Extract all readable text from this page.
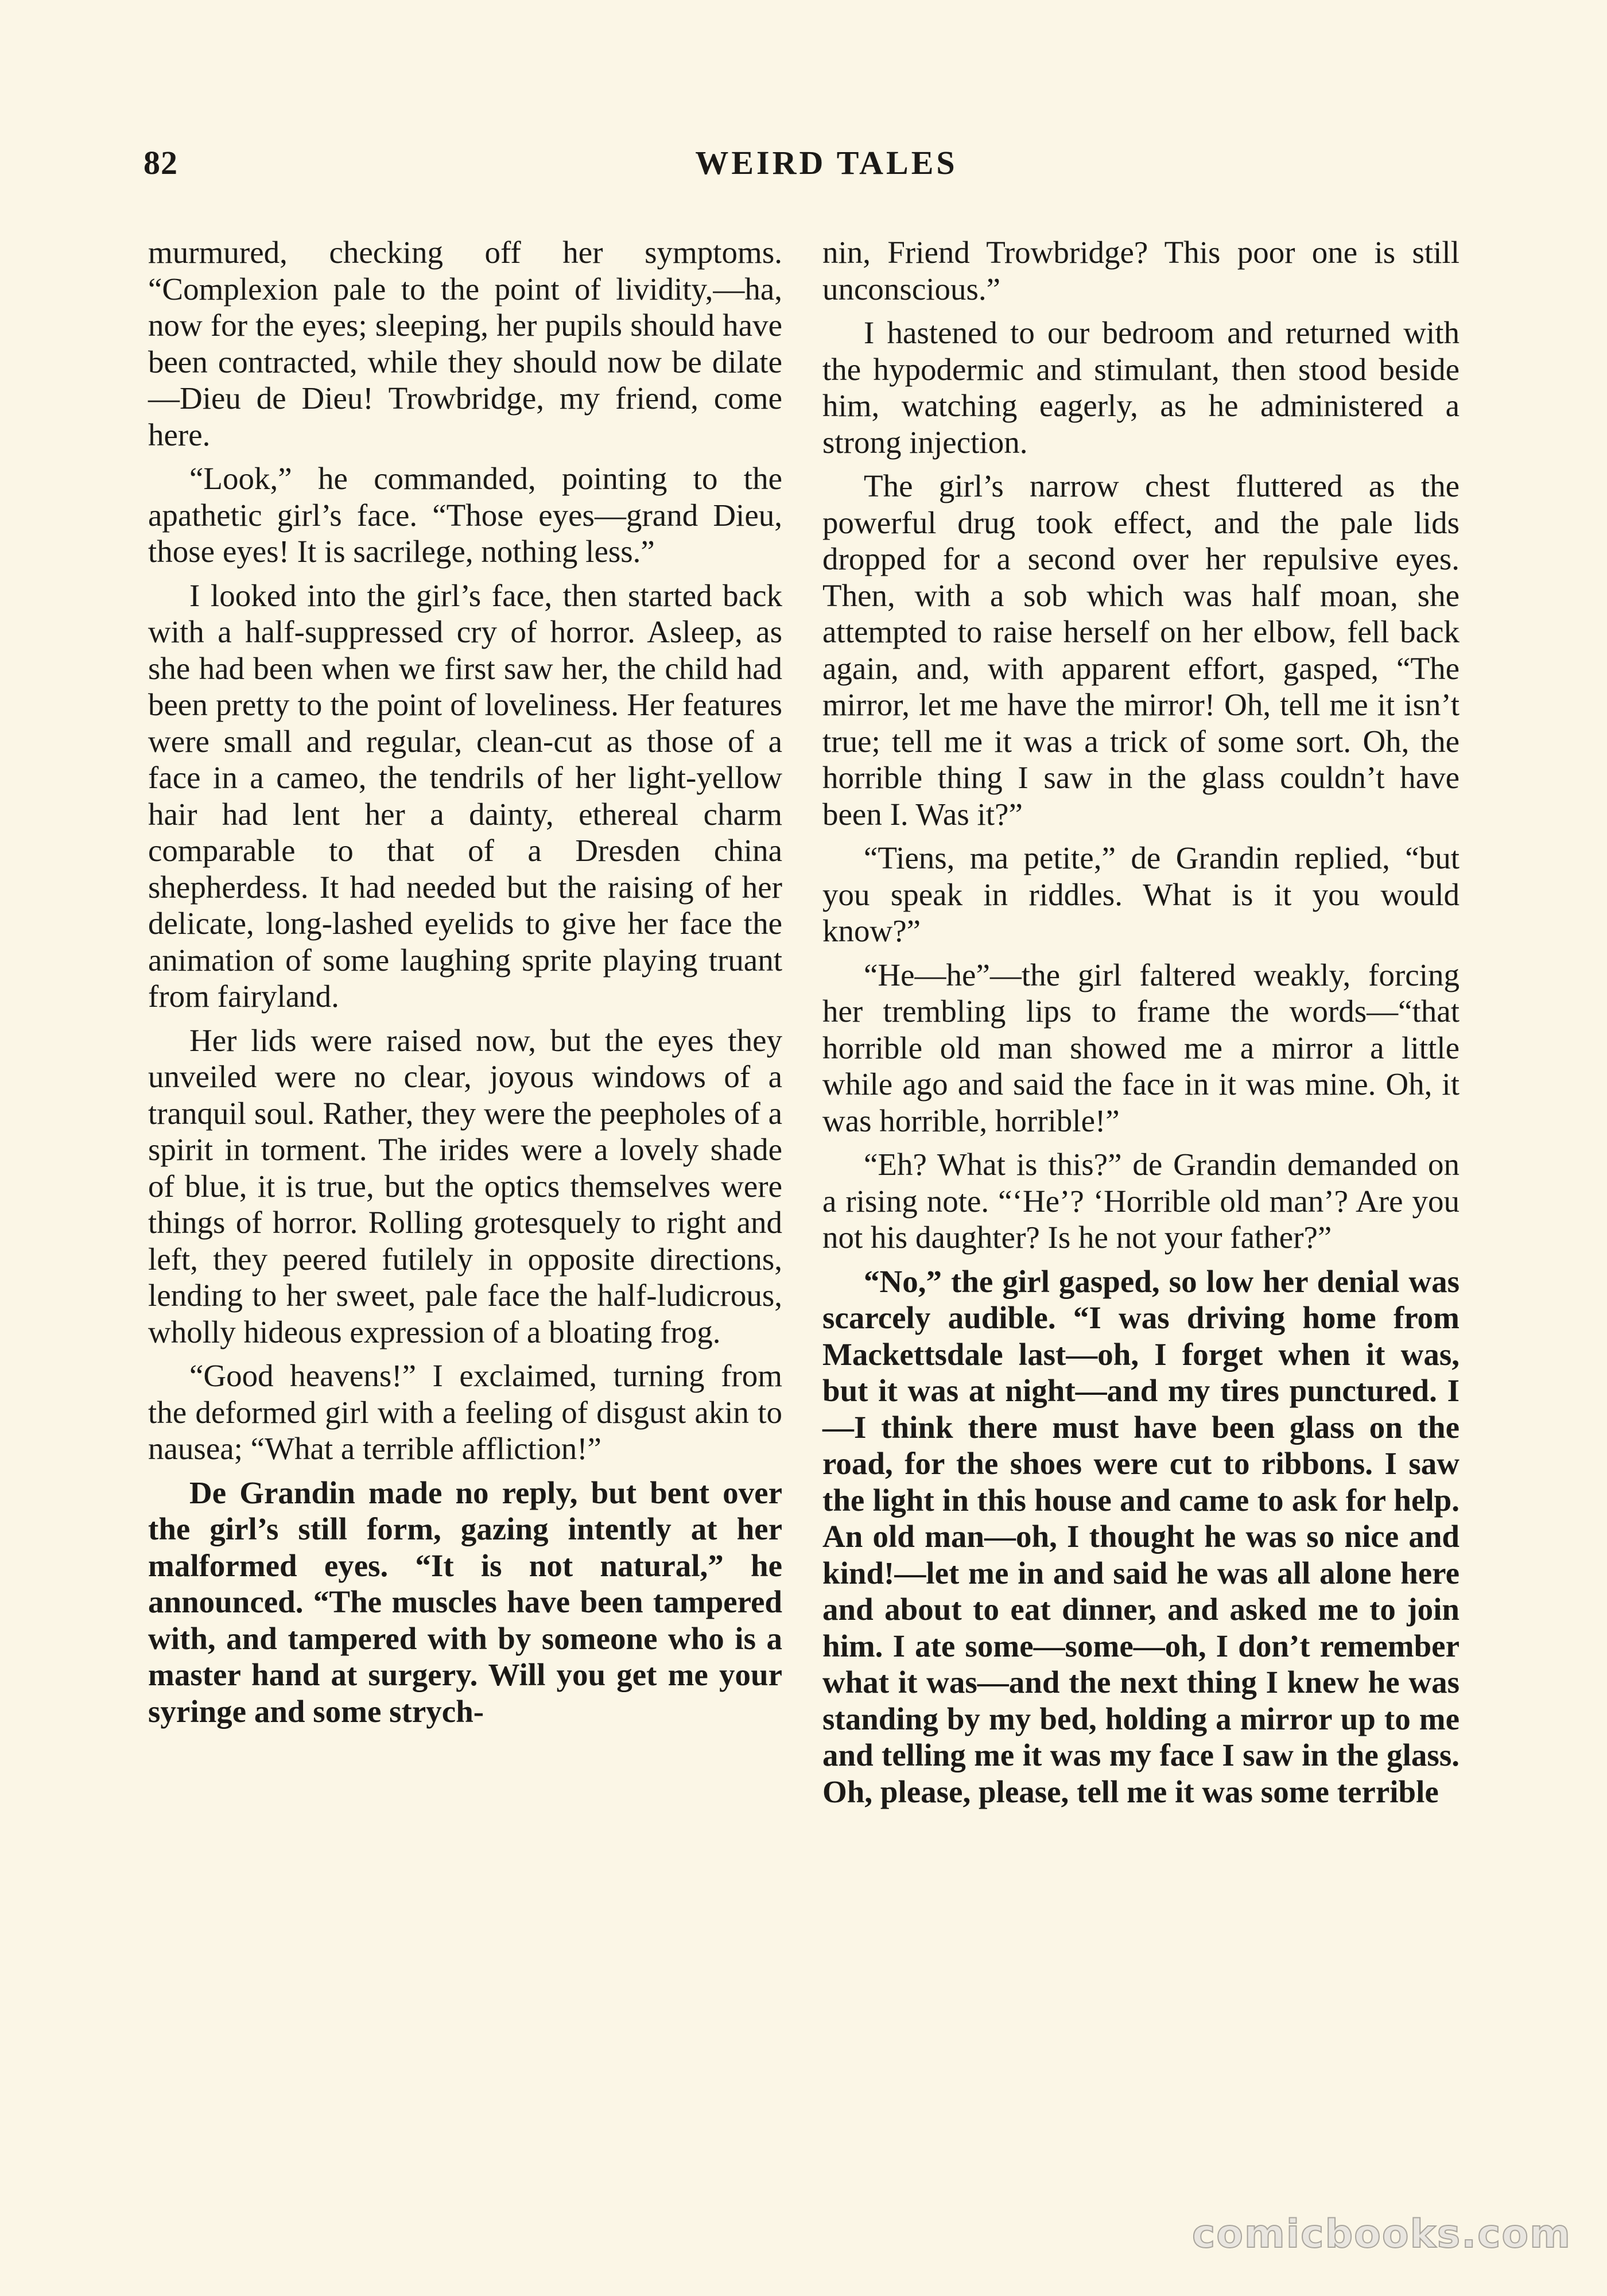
82	WEIRD TALES

murmured, checking off her symptoms. “Complexion pale to the point of lividity,—ha, now for the eyes; sleeping, her pupils should have been contracted, while they should now be dilate—Dieu de Dieu! Trowbridge, my friend, come here.

“Look,” he commanded, pointing to the apathetic girl’s face. “Those eyes—grand Dieu, those eyes! It is sacrilege, nothing less.”

I looked into the girl’s face, then started back with a half-suppressed cry of horror. Asleep, as she had been when we first saw her, the child had been pretty to the point of loveliness. Her features were small and regular, clean-cut as those of a face in a cameo, the tendrils of her light-yellow hair had lent her a dainty, ethereal charm comparable to that of a Dresden china shepherdess. It had needed but the raising of her delicate, long-lashed eyelids to give her face the animation of some laughing sprite playing truant from fairyland.

Her lids were raised now, but the eyes they unveiled were no clear, joyous windows of a tranquil soul. Rather, they were the peepholes of a spirit in torment. The irides were a lovely shade of blue, it is true, but the optics themselves were things of horror. Rolling grotesquely to right and left, they peered futilely in opposite directions, lending to her sweet, pale face the half-ludicrous, wholly hideous expression of a bloating frog.

“Good heavens!” I exclaimed, turning from the deformed girl with a feeling of disgust akin to nausea; “What a terrible affliction!”

De Grandin made no reply, but bent over the girl’s still form, gazing intently at her malformed eyes. “It is not natural,” he announced. “The muscles have been tampered with, and tampered with by someone who is a master hand at surgery. Will you get me your syringe and some strych-

nin, Friend Trowbridge? This poor one is still unconscious.”

I hastened to our bedroom and returned with the hypodermic and stimulant, then stood beside him, watching eagerly, as he administered a strong injection.

The girl’s narrow chest fluttered as the powerful drug took effect, and the pale lids dropped for a second over her repulsive eyes. Then, with a sob which was half moan, she attempted to raise herself on her elbow, fell back again, and, with apparent effort, gasped, “The mirror, let me have the mirror! Oh, tell me it isn’t true; tell me it was a trick of some sort. Oh, the horrible thing I saw in the glass couldn’t have been I. Was it?”

“Tiens, ma petite,” de Grandin replied, “but you speak in riddles. What is it you would know?”

“He—he”—the girl faltered weakly, forcing her trembling lips to frame the words—“that horrible old man showed me a mirror a little while ago and said the face in it was mine. Oh, it was horrible, horrible!”

“Eh? What is this?” de Grandin demanded on a rising note. “‘He’? ‘Horrible old man’? Are you not his daughter? Is he not your father?”

“No,” the girl gasped, so low her denial was scarcely audible. “I was driving home from Mackettsdale last—oh, I forget when it was, but it was at night—and my tires punctured. I—I think there must have been glass on the road, for the shoes were cut to ribbons. I saw the light in this house and came to ask for help. An old man—oh, I thought he was so nice and kind!—let me in and said he was all alone here and about to eat dinner, and asked me to join him. I ate some—some—oh, I don’t remember what it was—and the next thing I knew he was standing by my bed, holding a mirror up to me and telling me it was my face I saw in the glass. Oh, please, please, tell me it was some terrible

comicbooks.com
